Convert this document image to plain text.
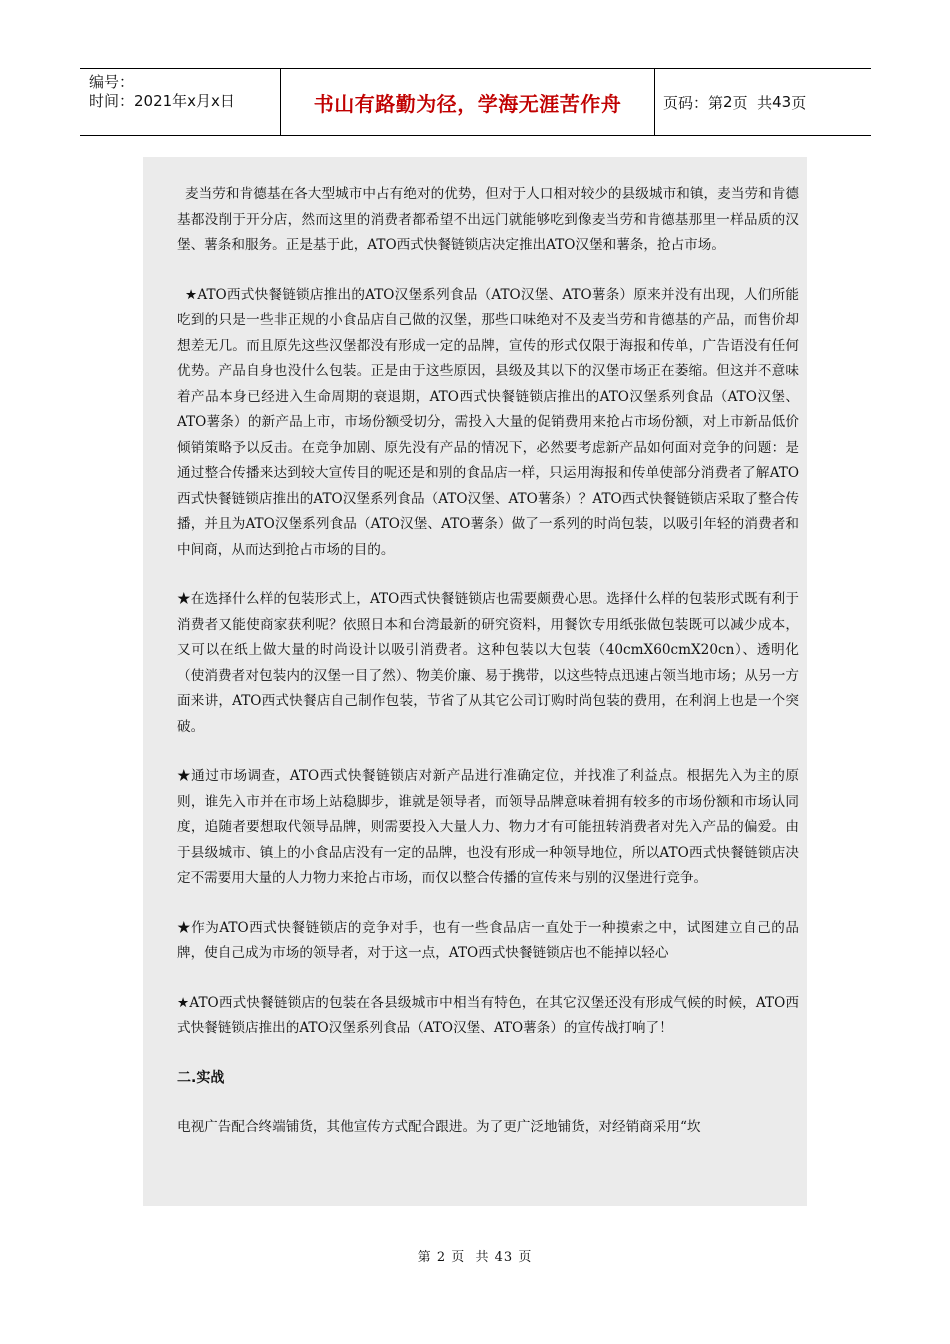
编号：
时间：2021年x月x日	书山有路勤为径，学海无涯苦作舟	页码：第 2 页  共 43 页

麦当劳和肯德基在各大型城市中占有绝对的优势，但对于人口相对较少的县级城市和镇，麦当劳和肯德基都没削于开分店，然而这里的消费者都希望不出远门就能够吃到像麦当劳和肯德基那里一样品质的汉堡、薯条和服务。正是基于此，ATO西式快餐链锁店决定推出ATO汉堡和薯条，抢占市场。

★ATO西式快餐链锁店推出的ATO汉堡系列食品（ATO汉堡、ATO薯条）原来并没有出现，人们所能吃到的只是一些非正规的小食品店自己做的汉堡，那些口味绝对不及麦当劳和肯德基的产品，而售价却想差无几。而且原先这些汉堡都没有形成一定的品牌，宣传的形式仅限于海报和传单，广告语没有任何优势。产品自身也没什么包装。正是由于这些原因，县级及其以下的汉堡市场正在萎缩。但这并不意味着产品本身已经进入生命周期的衰退期，ATO西式快餐链锁店推出的ATO汉堡系列食品（ATO汉堡、ATO薯条）的新产品上市，市场份额受切分，需投入大量的促销费用来抢占市场份额，对上市新品低价倾销策略予以反击。在竞争加剧、原先没有产品的情况下，必然要考虑新产品如何面对竞争的问题：是通过整合传播来达到较大宣传目的呢还是和别的食品店一样，只运用海报和传单使部分消费者了解ATO西式快餐链锁店推出的ATO汉堡系列食品（ATO汉堡、ATO薯条）？ATO西式快餐链锁店采取了整合传播，并且为ATO汉堡系列食品（ATO汉堡、ATO薯条）做了一系列的时尚包装，以吸引年轻的消费者和中间商，从而达到抢占市场的目的。

★在选择什么样的包装形式上，ATO西式快餐链锁店也需要颇费心思。选择什么样的包装形式既有利于消费者又能使商家获利呢？依照日本和台湾最新的研究资料，用餐饮专用纸张做包装既可以减少成本，又可以在纸上做大量的时尚设计以吸引消费者。这种包装以大包装（40cmX60cmX20cn）、透明化（使消费者对包装内的汉堡一目了然）、物美价廉、易于携带，以这些特点迅速占领当地市场；从另一方面来讲，ATO西式快餐店自己制作包装，节省了从其它公司订购时尚包装的费用，在利润上也是一个突破。

★通过市场调查，ATO西式快餐链锁店对新产品进行准确定位，并找准了利益点。根据先入为主的原则，谁先入市并在市场上站稳脚步，谁就是领导者，而领导品牌意味着拥有较多的市场份额和市场认同度，追随者要想取代领导品牌，则需要投入大量人力、物力才有可能扭转消费者对先入产品的偏爱。由于县级城市、镇上的小食品店没有一定的品牌，也没有形成一种领导地位，所以ATO西式快餐链锁店决定不需要用大量的人力物力来抢占市场，而仅以整合传播的宣传来与别的汉堡进行竞争。

★作为ATO西式快餐链锁店的竞争对手，也有一些食品店一直处于一种摸索之中，试图建立自己的品牌，使自己成为市场的领导者，对于这一点，ATO西式快餐链锁店也不能掉以轻心

★ATO西式快餐链锁店的包装在各县级城市中相当有特色，在其它汉堡还没有形成气候的时候，ATO西式快餐链锁店推出的ATO汉堡系列食品（ATO汉堡、ATO薯条）的宣传战打响了！

二.实战

电视广告配合终端铺货，其他宣传方式配合跟进。为了更广泛地铺货，对经销商采用“坎

第 2 页  共 43 页
